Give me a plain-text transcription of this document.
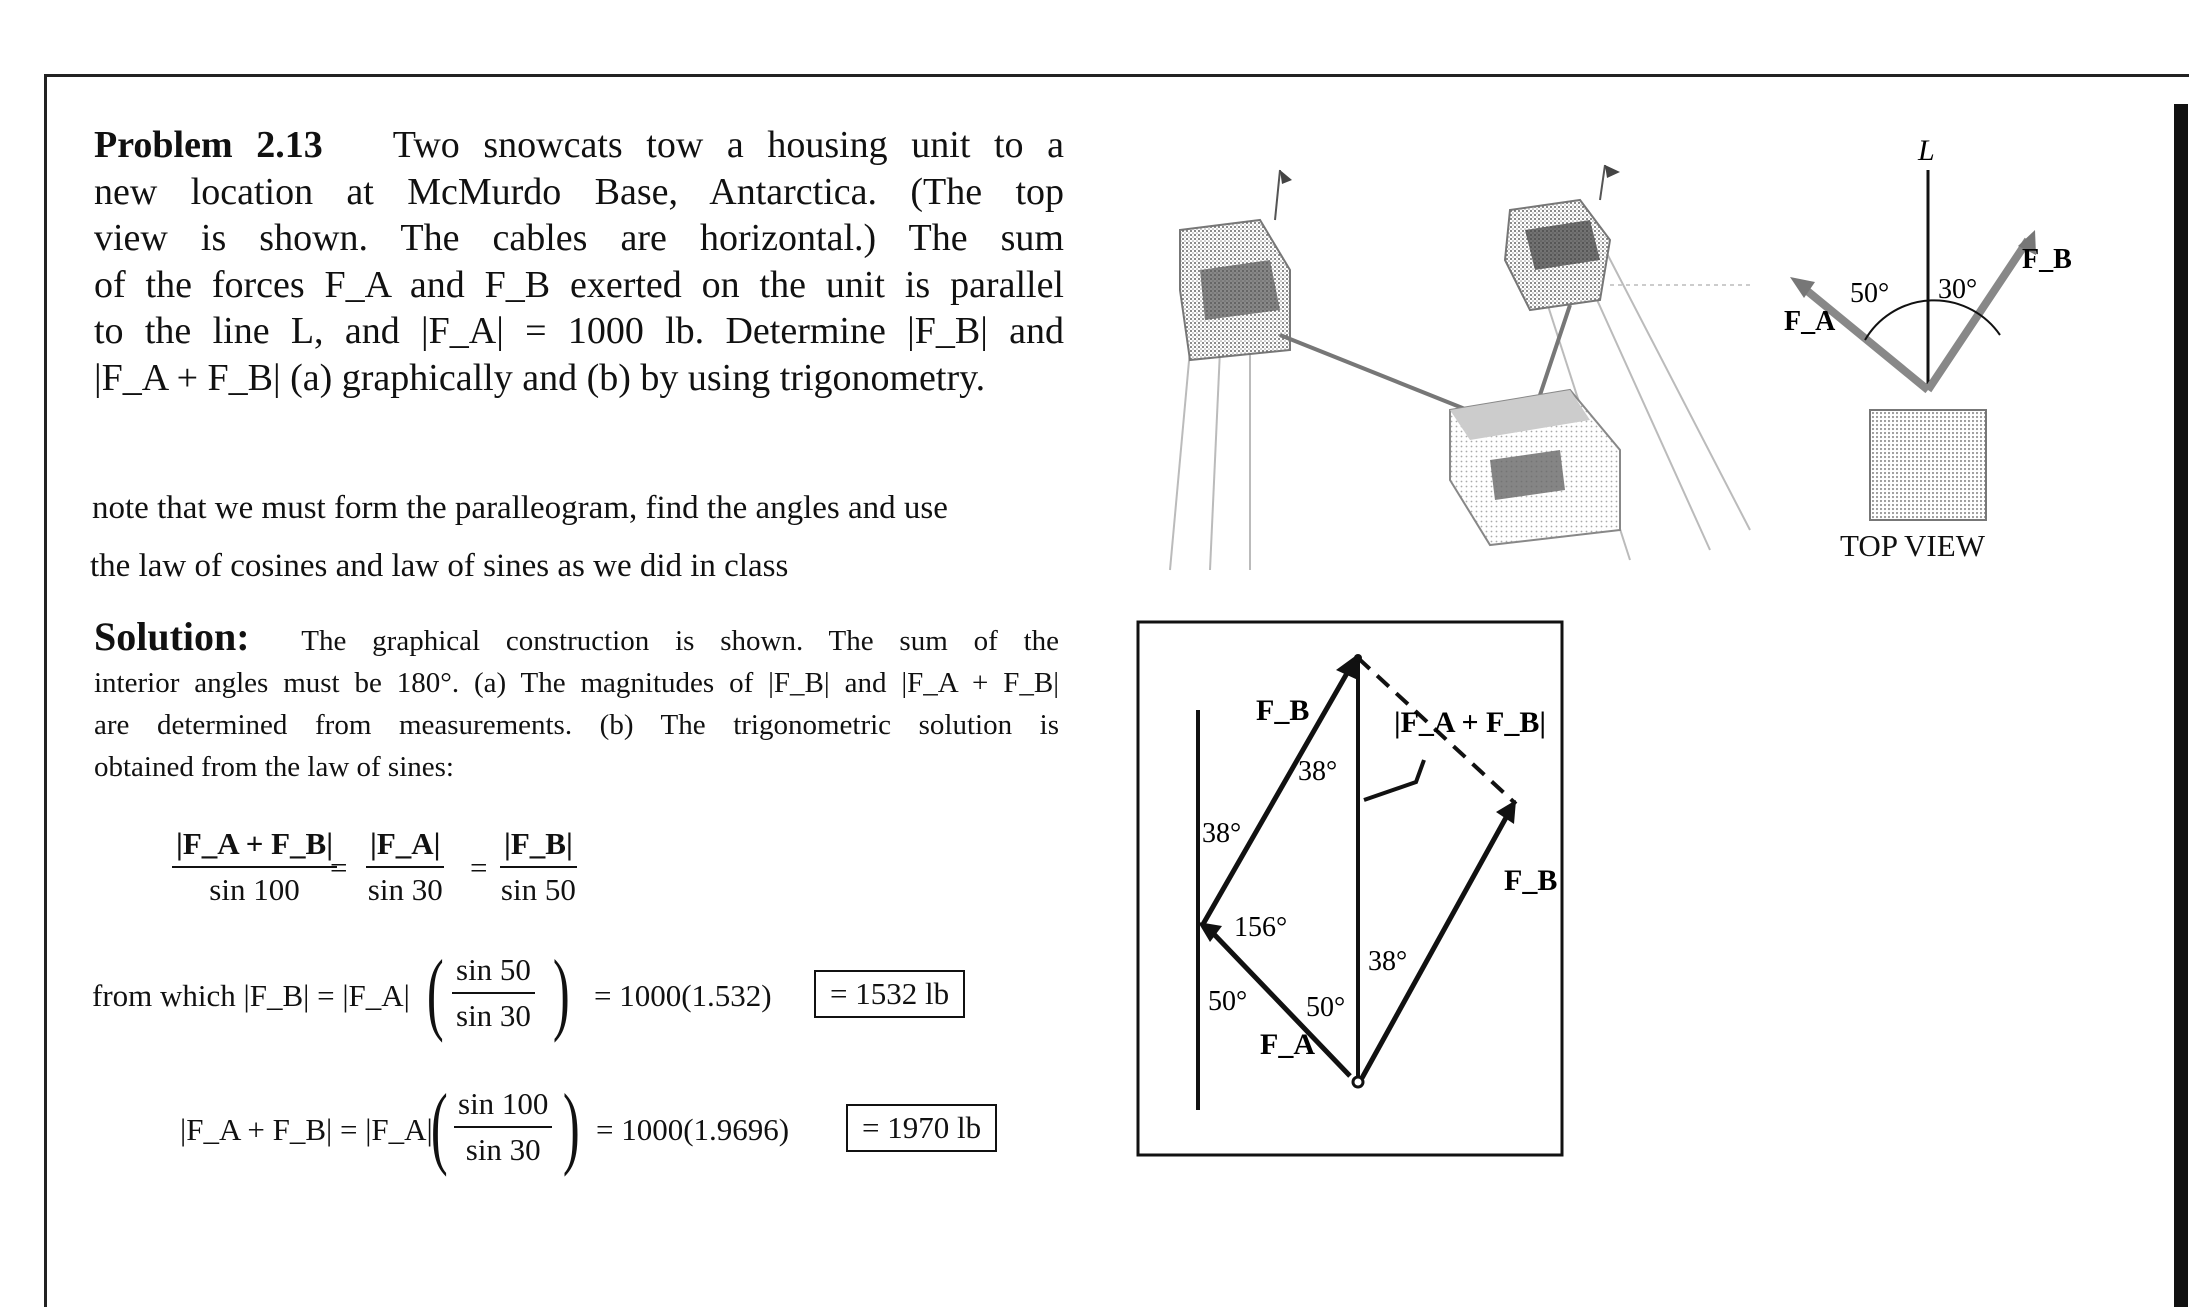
Problem 2.13 Two snowcats tow a housing unit to a
new location at McMurdo Base, Antarctica. (The top
view is shown. The cables are horizontal.) The sum
of the forces F_A and F_B exerted on the unit is parallel
to the line L, and |F_A| = 1000 lb. Determine |F_B| and
|F_A + F_B| (a) graphically and (b) by using trigonometry.
note that we must form the paralleogram, find the angles and use
the law of cosines and law of sines as we did in class
Solution: The graphical construction is shown. The sum of the
interior angles must be 180°. (a) The magnitudes of |F_B| and |F_A + F_B|
are determined from measurements. (b) The trigonometric solution is
obtained from the law of sines:
$\frac{|F\_A + F\_B|}{\sin 100}$
= $\frac{|F\_A|}{\sin 30} = \frac{|F\_B|}{\sin 50}$
from which |F_B| = |F_A| ( $\frac{\sin 50}{\sin 30}$ ) = 1000(1.532)	= 1532 lb
|F_A + F_B| = |F_A|
( $\frac{\sin 100}{\sin 30}$ ) = 1000(1.9696)	= 1970 lb
L
50° 30°
F_A
F_B
TOP VIEW
F_B	|F_A + F_B|
38°
38°
F_B
156°
38°
50° 50°
F_A
